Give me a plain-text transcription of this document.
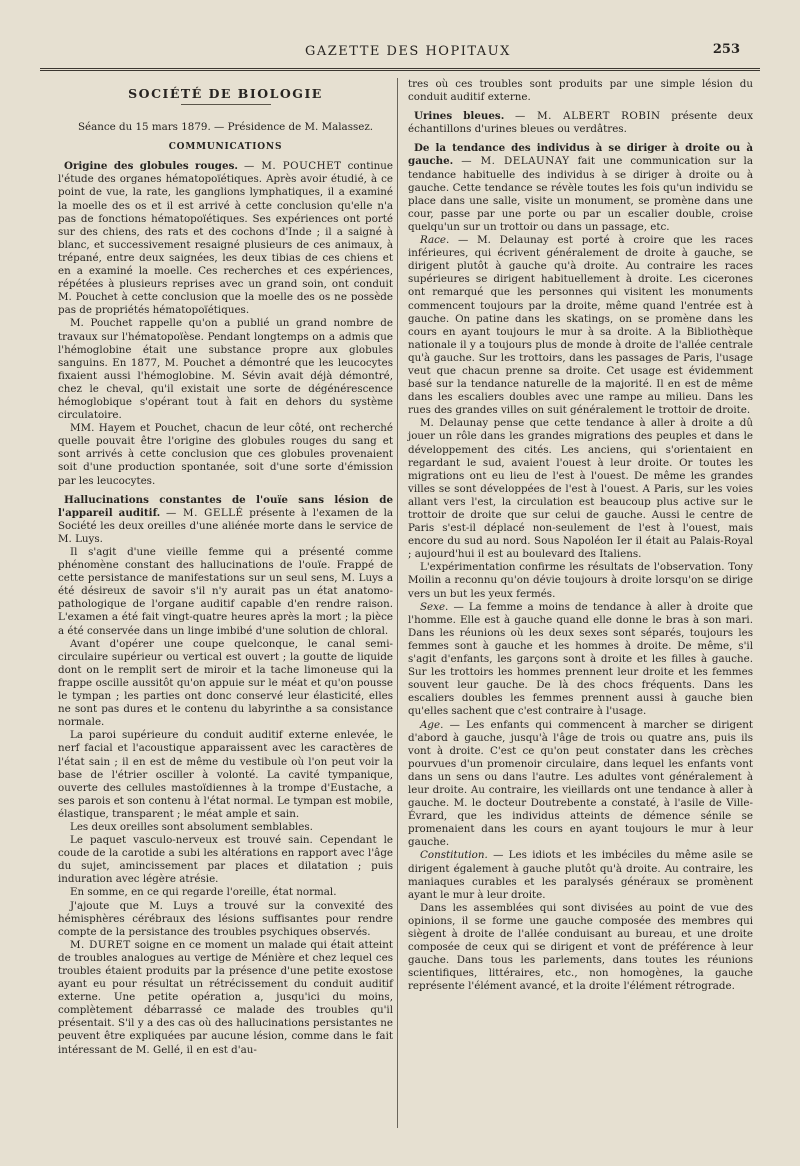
GAZETTE DES HOPITAUX	253
SOCIÉTÉ DE BIOLOGIE
Séance du 15 mars 1879. — Présidence de M. Malassez.
COMMUNICATIONS

Origine des globules rouges. — M. POUCHET continue l'étude des organes hématopoïétiques. Après avoir étudié, à ce point de vue, la rate, les ganglions lymphatiques, il a examiné la moelle des os et il est arrivé à cette conclusion qu'elle n'a pas de fonctions hématopoïétiques. Ses expériences ont porté sur des chiens, des rats et des cochons d'Inde ; il a saigné à blanc, et successivement resaigné plusieurs de ces animaux, à trépané, entre deux saignées, les deux tibias de ces chiens et en a examiné la moelle. Ces recherches et ces expériences, répétées à plusieurs reprises avec un grand soin, ont conduit M. Pouchet à cette conclusion que la moelle des os ne possède pas de propriétés hématopoïétiques.

M. Pouchet rappelle qu'on a publié un grand nombre de travaux sur l'hématopoïèse. Pendant longtemps on a admis que l'hémoglobine était une substance propre aux globules sanguins. En 1877, M. Pouchet a démontré que les leucocytes fixaient aussi l'hémoglobine. M. Sévin avait déjà démontré, chez le cheval, qu'il existait une sorte de dégénérescence hémoglobique s'opérant tout à fait en dehors du système circulatoire.

MM. Hayem et Pouchet, chacun de leur côté, ont recherché quelle pouvait être l'origine des globules rouges du sang et sont arrivés à cette conclusion que ces globules provenaient soit d'une production spontanée, soit d'une sorte d'émission par les leucocytes.

Hallucinations constantes de l'ouïe sans lésion de l'appareil auditif. — M. GELLÉ présente à l'examen de la Société les deux oreilles d'une aliénée morte dans le service de M. Luys.

Il s'agit d'une vieille femme qui a présenté comme phénomène constant des hallucinations de l'ouïe. Frappé de cette persistance de manifestations sur un seul sens, M. Luys a été désireux de savoir s'il n'y aurait pas un état anatomo-pathologique de l'organe auditif capable d'en rendre raison. L'examen a été fait vingt-quatre heures après la mort ; la pièce a été conservée dans un linge imbibé d'une solution de chloral.

Avant d'opérer une coupe quelconque, le canal semi-circulaire supérieur ou vertical est ouvert ; la goutte de liquide dont on le remplit sert de miroir et la tache limoneuse qui la frappe oscille aussitôt qu'on appuie sur le méat et qu'on pousse le tympan ; les parties ont donc conservé leur élasticité, elles ne sont pas dures et le contenu du labyrinthe a sa consistance normale.

La paroi supérieure du conduit auditif externe enlevée, le nerf facial et l'acoustique apparaissent avec les caractères de l'état sain ; il en est de même du vestibule où l'on peut voir la base de l'étrier osciller à volonté. La cavité tympanique, ouverte des cellules mastoïdiennes à la trompe d'Eustache, a ses parois et son contenu à l'état normal. Le tympan est mobile, élastique, transparent ; le méat ample et sain.

Les deux oreilles sont absolument semblables.

Le paquet vasculo-nerveux est trouvé sain. Cependant le coude de la carotide a subi les altérations en rapport avec l'âge du sujet, amincissement par places et dilatation ; puis induration avec légère atrésie.

En somme, en ce qui regarde l'oreille, état normal.

J'ajoute que M. Luys a trouvé sur la convexité des hémisphères cérébraux des lésions suffisantes pour rendre compte de la persistance des troubles psychiques observés.

M. DURET soigne en ce moment un malade qui était atteint de troubles analogues au vertige de Ménière et chez lequel ces troubles étaient produits par la présence d'une petite exostose ayant eu pour résultat un rétrécissement du conduit auditif externe. Une petite opération a, jusqu'ici du moins, complètement débarrassé ce malade des troubles qu'il présentait. S'il y a des cas où des hallucinations persistantes ne peuvent être expliquées par aucune lésion, comme dans le fait intéressant de M. Gellé, il en est d'au-

tres où ces troubles sont produits par une simple lésion du conduit auditif externe.

Urines bleues. — M. ALBERT ROBIN présente deux échantillons d'urines bleues ou verdâtres.

De la tendance des individus à se diriger à droite ou à gauche. — M. DELAUNAY fait une communication sur la tendance habituelle des individus à se diriger à droite ou à gauche. Cette tendance se révèle toutes les fois qu'un individu se place dans une salle, visite un monument, se promène dans une cour, passe par une porte ou par un escalier double, croise quelqu'un sur un trottoir ou dans un passage, etc.

Race. — M. Delaunay est porté à croire que les races inférieures, qui écrivent généralement de droite à gauche, se dirigent plutôt à gauche qu'à droite. Au contraire les races supérieures se dirigent habituellement à droite. Les cicerones ont remarqué que les personnes qui visitent les monuments commencent toujours par la droite, même quand l'entrée est à gauche. On patine dans les skatings, on se promène dans les cours en ayant toujours le mur à sa droite. A la Bibliothèque nationale il y a toujours plus de monde à droite de l'allée centrale qu'à gauche. Sur les trottoirs, dans les passages de Paris, l'usage veut que chacun prenne sa droite. Cet usage est évidemment basé sur la tendance naturelle de la majorité. Il en est de même dans les escaliers doubles avec une rampe au milieu. Dans les rues des grandes villes on suit généralement le trottoir de droite.

M. Delaunay pense que cette tendance à aller à droite a dû jouer un rôle dans les grandes migrations des peuples et dans le développement des cités. Les anciens, qui s'orientaient en regardant le sud, avaient l'ouest à leur droite. Or toutes les migrations ont eu lieu de l'est à l'ouest. De même les grandes villes se sont développées de l'est à l'ouest. A Paris, sur les voies allant vers l'est, la circulation est beaucoup plus active sur le trottoir de droite que sur celui de gauche. Aussi le centre de Paris s'est-il déplacé non-seulement de l'est à l'ouest, mais encore du sud au nord. Sous Napoléon Ier il était au Palais-Royal ; aujourd'hui il est au boulevard des Italiens.

L'expérimentation confirme les résultats de l'observation. Tony Moilin a reconnu qu'on dévie toujours à droite lorsqu'on se dirige vers un but les yeux fermés.

Sexe. — La femme a moins de tendance à aller à droite que l'homme. Elle est à gauche quand elle donne le bras à son mari. Dans les réunions où les deux sexes sont séparés, toujours les femmes sont à gauche et les hommes à droite. De même, s'il s'agit d'enfants, les garçons sont à droite et les filles à gauche. Sur les trottoirs les hommes prennent leur droite et les femmes souvent leur gauche. De là des chocs fréquents. Dans les escaliers doubles les femmes prennent aussi à gauche bien qu'elles sachent que c'est contraire à l'usage.

Age. — Les enfants qui commencent à marcher se dirigent d'abord à gauche, jusqu'à l'âge de trois ou quatre ans, puis ils vont à droite. C'est ce qu'on peut constater dans les crèches pourvues d'un promenoir circulaire, dans lequel les enfants vont dans un sens ou dans l'autre. Les adultes vont généralement à leur droite. Au contraire, les vieillards ont une tendance à aller à gauche. M. le docteur Doutrebente a constaté, à l'asile de Ville-Évrard, que les individus atteints de démence sénile se promenaient dans les cours en ayant toujours le mur à leur gauche.

Constitution. — Les idiots et les imbéciles du même asile se dirigent également à gauche plutôt qu'à droite. Au contraire, les maniaques curables et les paralysés généraux se promènent ayant le mur à leur droite.

Dans les assemblées qui sont divisées au point de vue des opinions, il se forme une gauche composée des membres qui siègent à droite de l'allée conduisant au bureau, et une droite composée de ceux qui se dirigent et vont de préférence à leur gauche. Dans tous les parlements, dans toutes les réunions scientifiques, littéraires, etc., non homogènes, la gauche représente l'élément avancé, et la droite l'élément rétrograde.
